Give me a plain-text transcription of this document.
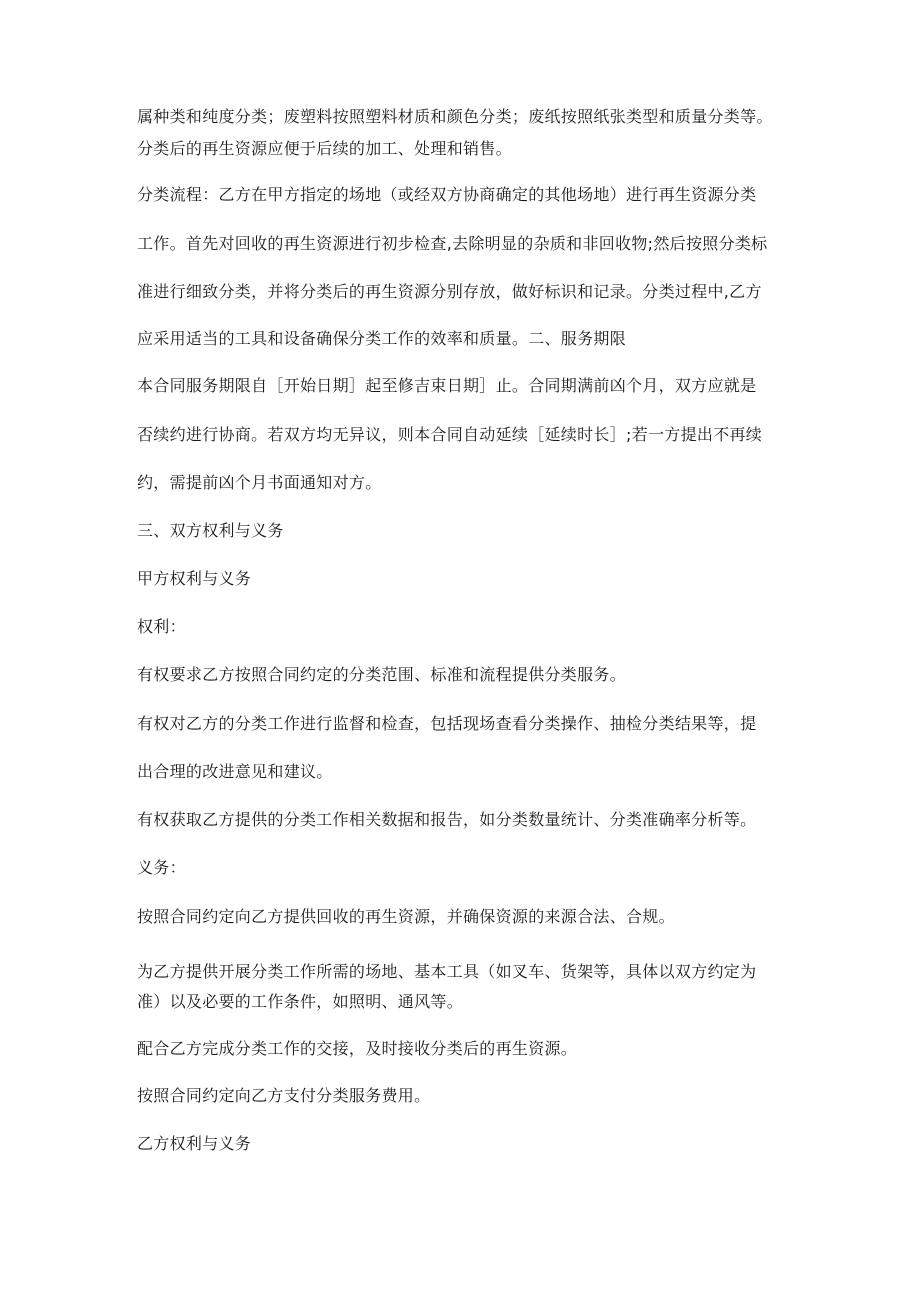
属种类和纯度分类；废塑料按照塑料材质和颜色分类；废纸按照纸张类型和质量分类等。
分类后的再生资源应便于后续的加工、处理和销售。
分类流程：乙方在甲方指定的场地（或经双方协商确定的其他场地）进行再生资源分类
工作。首先对回收的再生资源进行初步检查,去除明显的杂质和非回收物;然后按照分类标
准进行细致分类，并将分类后的再生资源分别存放，做好标识和记录。分类过程中,乙方
应采用适当的工具和设备确保分类工作的效率和质量。二、服务期限
本合同服务期限自［开始日期］起至修吉束日期］止。合同期满前凶个月，双方应就是
否续约进行协商。若双方均无异议，则本合同自动延续［延续时长］;若一方提出不再续
约，需提前凶个月书面通知对方。
三、双方权利与义务
甲方权利与义务
权利：
有权要求乙方按照合同约定的分类范围、标准和流程提供分类服务。
有权对乙方的分类工作进行监督和检查，包括现场查看分类操作、抽检分类结果等，提
出合理的改进意见和建议。
有权获取乙方提供的分类工作相关数据和报告，如分类数量统计、分类准确率分析等。
义务：
按照合同约定向乙方提供回收的再生资源，并确保资源的来源合法、合规。
为乙方提供开展分类工作所需的场地、基本工具（如叉车、货架等，具体以双方约定为
准）以及必要的工作条件，如照明、通风等。
配合乙方完成分类工作的交接，及时接收分类后的再生资源。
按照合同约定向乙方支付分类服务费用。
乙方权利与义务
